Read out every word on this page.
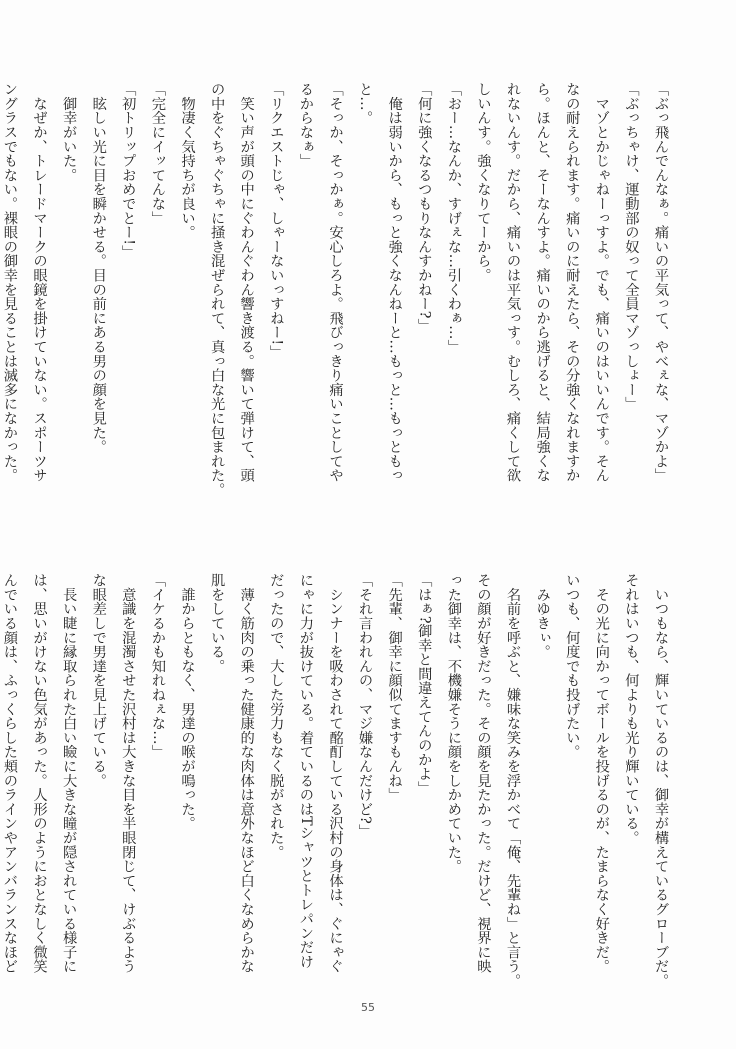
「ぶっ飛んでんなぁ。痛いの平気って、やべぇな、マゾかよ」

「ぶっちゃけ、運動部の奴って全員マゾっしょー」

　マゾとかじゃねーっすよ。でも、痛いのはいいんです。そん

なの耐えられます。痛いのに耐えたら、その分強くなれますか

ら。ほんと、そーなんすよ。痛いのから逃げると、結局強くな

れないんす。だから、痛いのは平気っす。むしろ、痛くして欲

しいんす。強くなりてーから。

「おー…なんか、すげぇな…引くわぁ…」

「何に強くなるつもりなんすかねー?」

　俺は弱いから、もっと強くなんねーと…もっと…もっともっ

と…。

「そっか、そっかぁ。安心しろよ。飛びっきり痛いことしてや

るからなぁ」

「リクエストじゃ、しゃーないっすねー!」

　笑い声が頭の中にぐわんぐわん響き渡る。響いて弾けて、頭

の中をぐちゃぐちゃに掻き混ぜられて、真っ白な光に包まれた。

　物凄く気持ちが良い。

「完全にイッてんな」

「初トリップおめでとー!」

　眩しい光に目を瞬かせる。目の前にある男の顔を見た。

　御幸がいた。

　なぜか、トレードマークの眼鏡を掛けていない。スポーツサ

ングラスでもない。裸眼の御幸を見ることは滅多になかった。

　いつもなら、輝いているのは、御幸が構えているグローブだ。

それはいつも、何よりも光り輝いている。

　その光に向かってボールを投げるのが、たまらなく好きだ。

いつも、何度でも投げたい。

　みゆきぃ。

　名前を呼ぶと、嫌味な笑みを浮かべて「俺、先輩ね」と言う。

その顔が好きだった。その顔を見たかった。だけど、視界に映

った御幸は、不機嫌そうに顔をしかめていた。

「はぁ?御幸と間違えてんのかよ」

「先輩、御幸に顔似てますもんね」

「それ言われんの、マジ嫌なんだけど?」

　シンナーを吸わされて酩酊している沢村の身体は、ぐにゃぐ

にゃに力が抜けている。着ているのはTシャツとトレパンだけ

だったので、大した労力もなく脱がされた。

　薄く筋肉の乗った健康的な肉体は意外なほど白くなめらかな

肌をしている。

　誰からともなく、男達の喉が鳴った。

「イケるかも知れねぇな…」

　意識を混濁させた沢村は大きな目を半眼閉じて、けぶるよう

な眼差しで男達を見上げている。

　長い睫に縁取られた白い瞼に大きな瞳が隠されている様子に

は、思いがけない色気があった。人形のようにおとなしく微笑

んでいる顔は、ふっくらした頬のラインやアンバランスなほど

55
